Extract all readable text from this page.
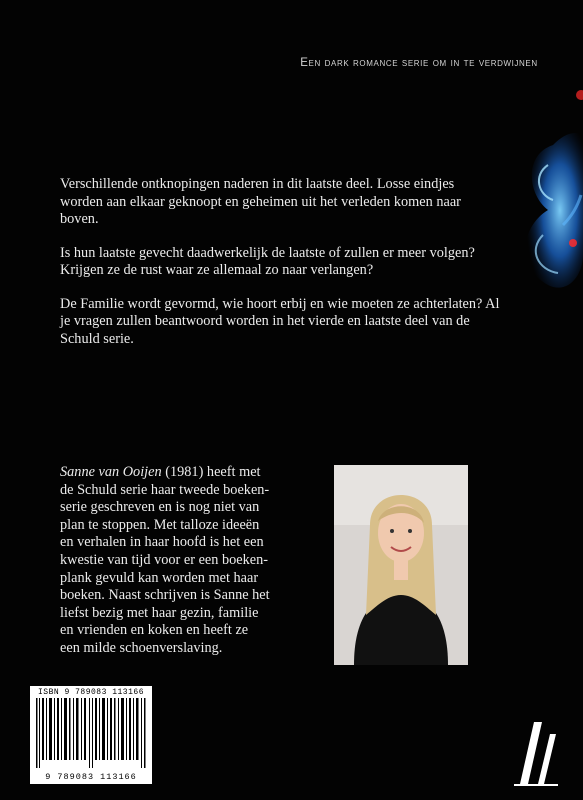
Een dark romance serie om in te verdwijnen

Verschillende ontknopingen naderen in dit laatste deel. Losse eindjes worden aan elkaar geknoopt en geheimen uit het verleden komen naar boven.

Is hun laatste gevecht daadwerkelijk de laatste of zullen er meer volgen? Krijgen ze de rust waar ze allemaal zo naar verlangen?

De Familie wordt gevormd, wie hoort erbij en wie moeten ze achterlaten? Al je vragen zullen beantwoord worden in het vierde en laatste deel van de Schuld serie.

Sanne van Ooijen (1981) heeft met
de Schuld serie haar tweede boeken-
serie geschreven en is nog niet van
plan te stoppen. Met talloze ideeën
en verhalen in haar hoofd is het een
kwestie van tijd voor er een boeken-
plank gevuld kan worden met haar
boeken. Naast schrijven is Sanne het
liefst bezig met haar gezin, familie
en vrienden en koken en heeft ze
een milde schoenverslaving.
ISBN 9 789083 113166
9 789083 113166
